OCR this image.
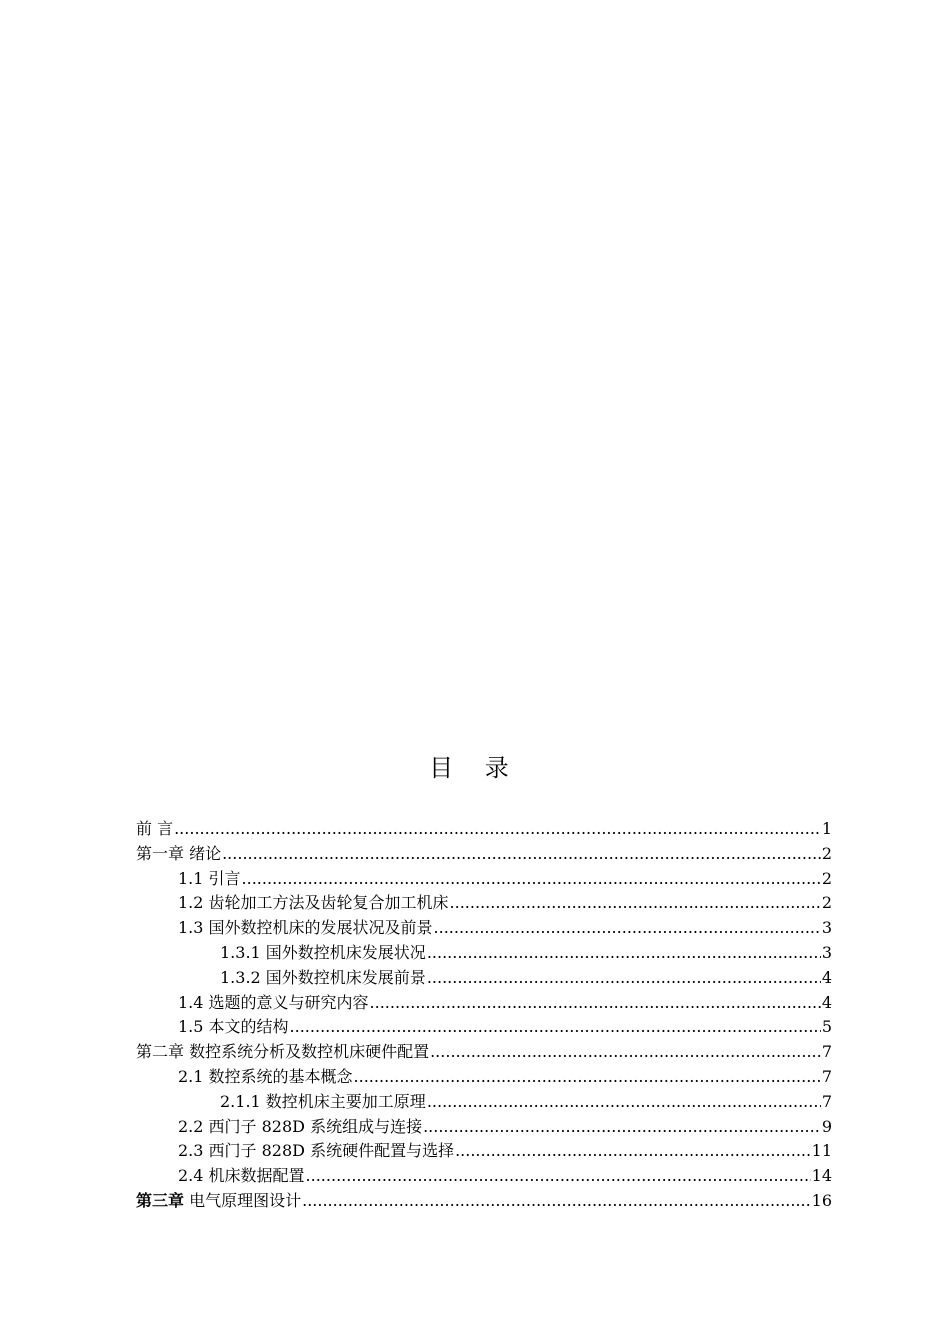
目 录
前 言 .....	1
第一章 绪论 .....	2
1.1 引言 .....	2
1.2 齿轮加工方法及齿轮复合加工机床 .....	2
1.3 国外数控机床的发展状况及前景 .....	3
1.3.1 国外数控机床发展状况 .....	3
1.3.2 国外数控机床发展前景 .....	4
1.4 选题的意义与研究内容 .....	4
1.5 本文的结构 .....	5
第二章 数控系统分析及数控机床硬件配置 .....	7
2.1 数控系统的基本概念 .....	7
2.1.1 数控机床主要加工原理 .....	7
2.2 西门子 828D 系统组成与连接 .....	9
2.3 西门子 828D 系统硬件配置与选择 .....	11
2.4 机床数据配置 .....	14
第三章 电气原理图设计 .....	16
